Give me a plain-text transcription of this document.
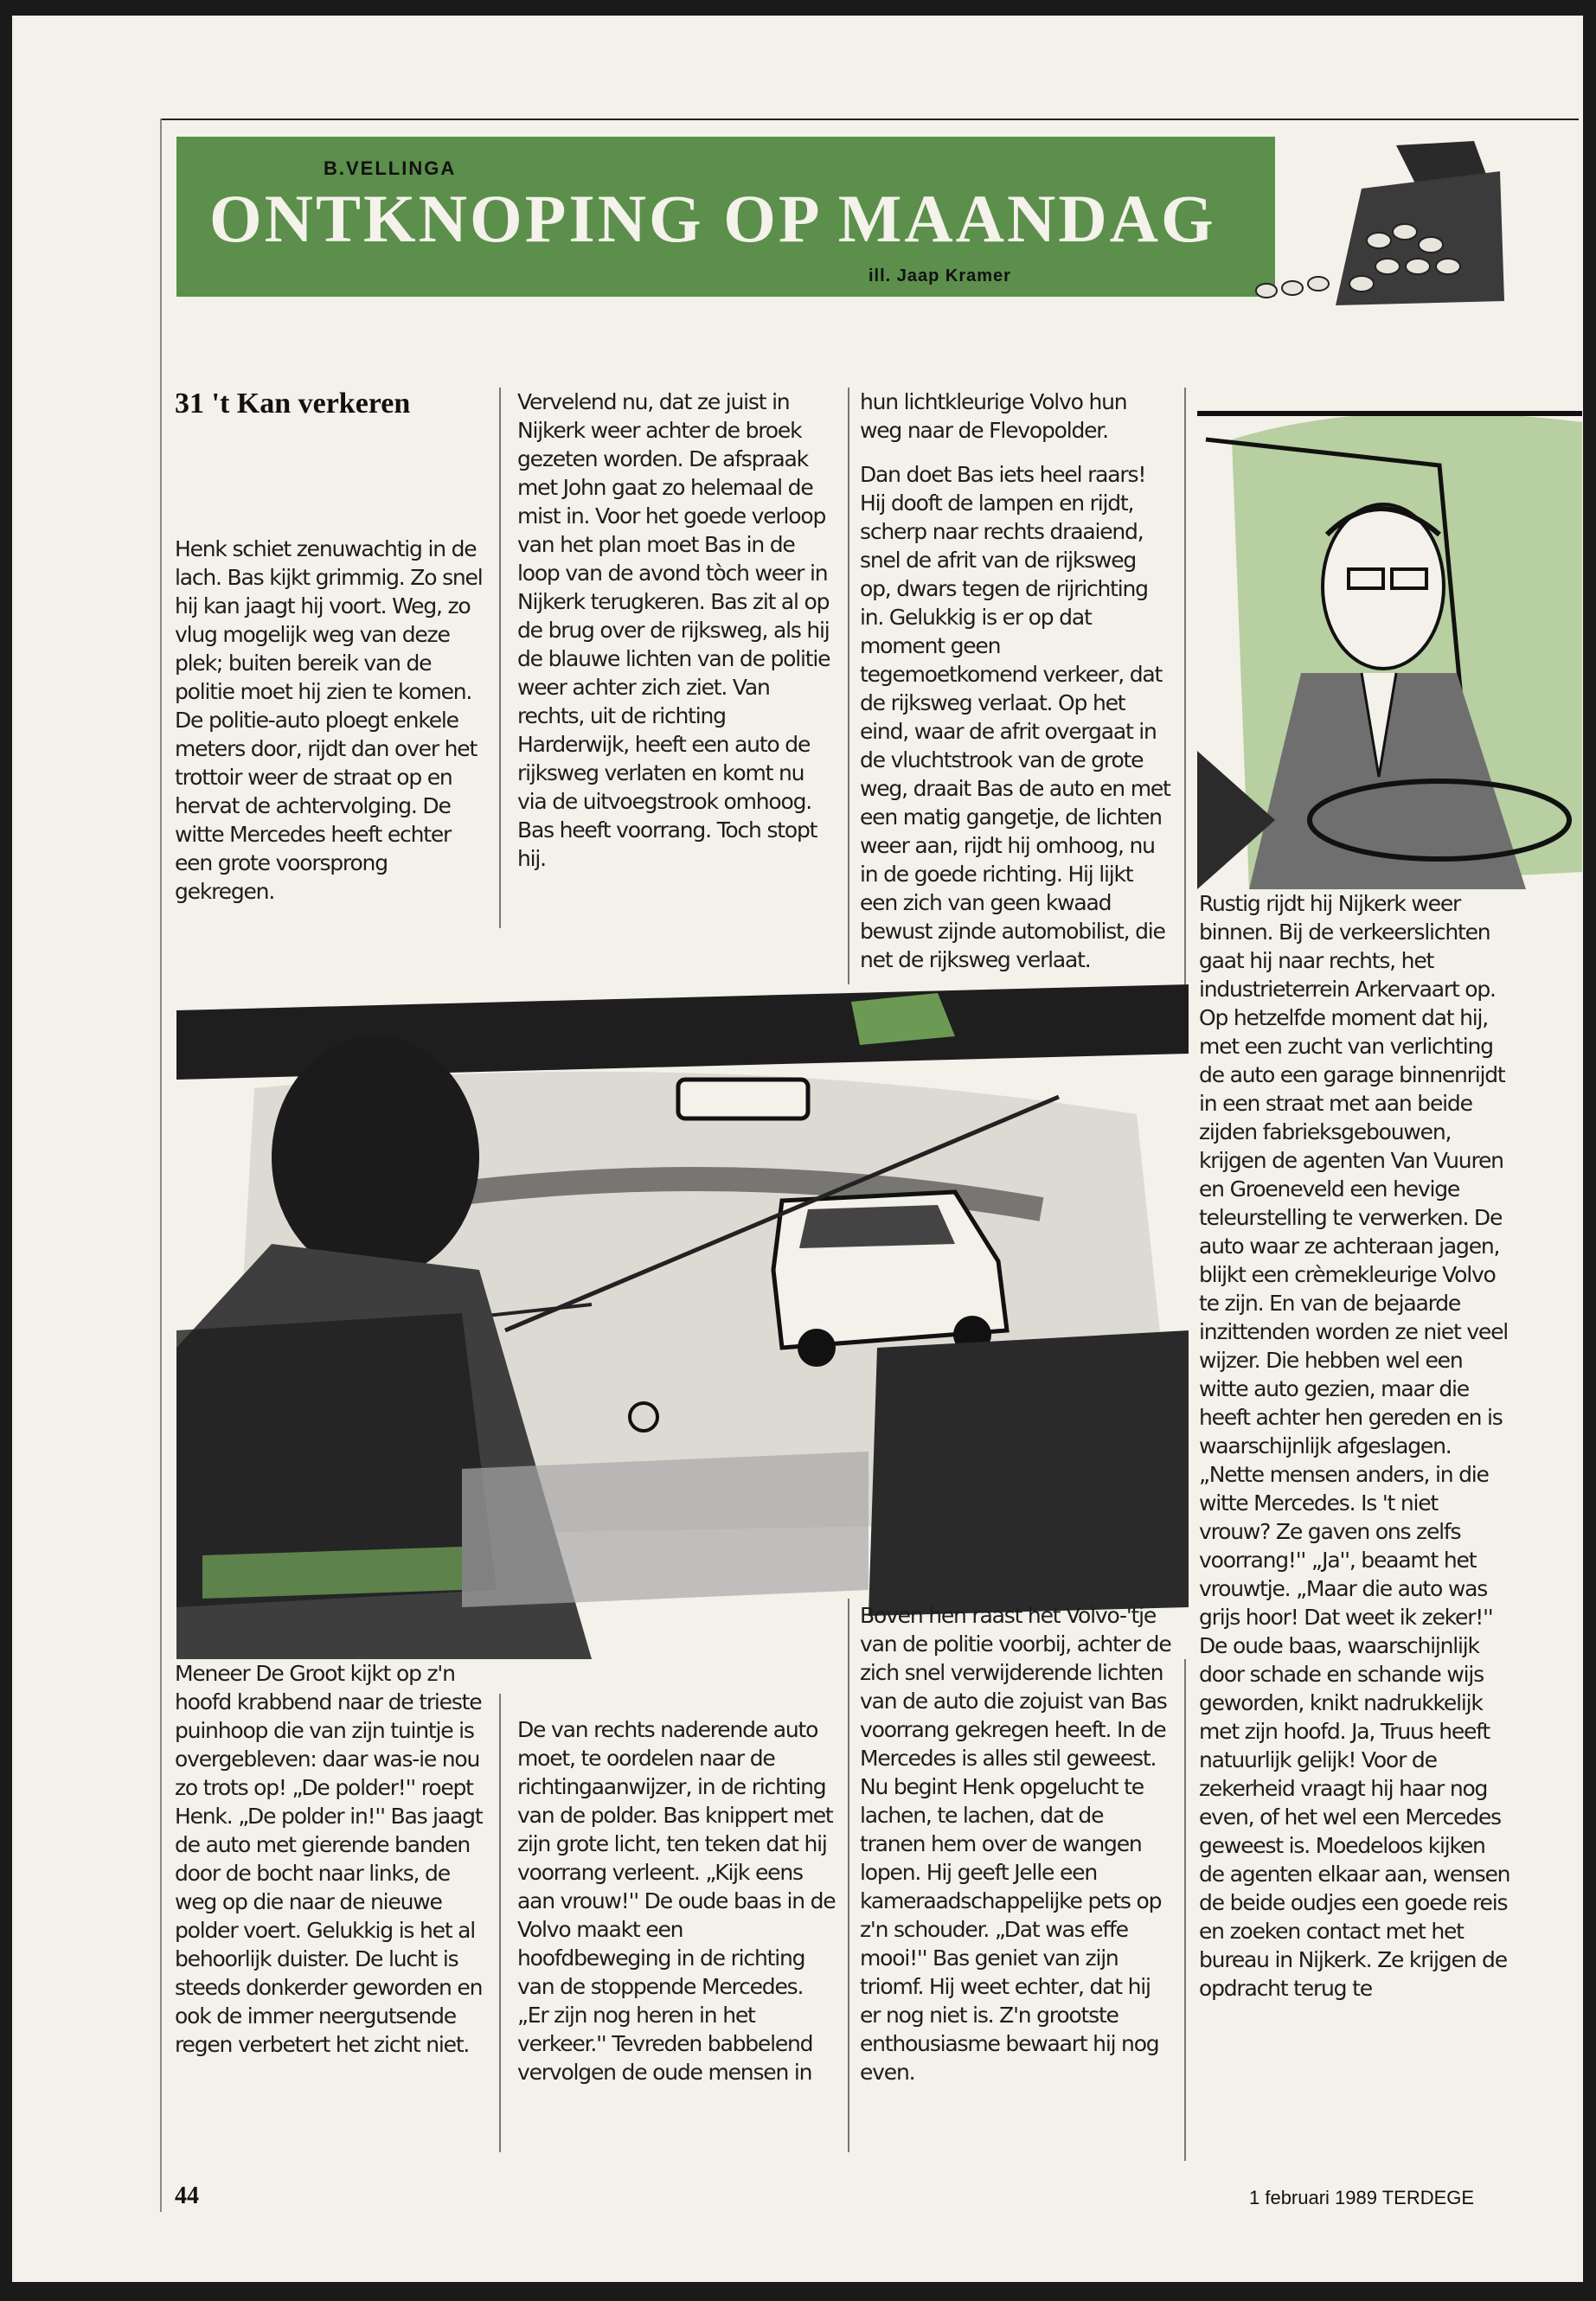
B.VELLINGA
ONTKNOPING OP MAANDAG
ill. Jaap Kramer
31 't Kan verkeren

Henk schiet zenuwachtig in de lach. Bas kijkt grimmig. Zo snel hij kan jaagt hij voort. Weg, zo vlug mogelijk weg van deze plek; buiten bereik van de politie moet hij zien te komen. De politie-auto ploegt enkele meters door, rijdt dan over het trottoir weer de straat op en hervat de achtervolging. De witte Mercedes heeft echter een grote voorsprong gekregen.

Vervelend nu, dat ze juist in Nijkerk weer achter de broek gezeten worden. De afspraak met John gaat zo helemaal de mist in. Voor het goede verloop van het plan moet Bas in de loop van de avond tòch weer in Nijkerk terugkeren. Bas zit al op de brug over de rijksweg, als hij de blauwe lichten van de politie weer achter zich ziet. Van rechts, uit de richting Harderwijk, heeft een auto de rijksweg verlaten en komt nu via de uitvoegstrook omhoog. Bas heeft voorrang. Toch stopt hij.

hun lichtkleurige Volvo hun weg naar de Flevopolder.

Dan doet Bas iets heel raars! Hij dooft de lampen en rijdt, scherp naar rechts draaiend, snel de afrit van de rijksweg op, dwars tegen de rijrichting in. Gelukkig is er op dat moment geen tegemoetkomend verkeer, dat de rijksweg verlaat. Op het eind, waar de afrit overgaat in de vluchtstrook van de grote weg, draait Bas de auto en met een matig gangetje, de lichten weer aan, rijdt hij omhoog, nu in de goede richting. Hij lijkt een zich van geen kwaad bewust zijnde automobilist, die net de rijksweg verlaat.

Meneer De Groot kijkt op z'n hoofd krabbend naar de trieste puinhoop die van zijn tuintje is overgebleven: daar was-ie nou zo trots op! „De polder!'' roept Henk. „De polder in!'' Bas jaagt de auto met gierende banden door de bocht naar links, de weg op die naar de nieuwe polder voert. Gelukkig is het al behoorlijk duister. De lucht is steeds donkerder geworden en ook de immer neergutsende regen verbetert het zicht niet.

De van rechts naderende auto moet, te oordelen naar de richtingaanwijzer, in de richting van de polder. Bas knippert met zijn grote licht, ten teken dat hij voorrang verleent. „Kijk eens aan vrouw!'' De oude baas in de Volvo maakt een hoofdbeweging in de richting van de stoppende Mercedes. „Er zijn nog heren in het verkeer.'' Tevreden babbelend vervolgen de oude mensen in

Boven hen raast het Volvo-'tje van de politie voorbij, achter de zich snel verwijderende lichten van de auto die zojuist van Bas voorrang gekregen heeft. In de Mercedes is alles stil geweest. Nu begint Henk opgelucht te lachen, te lachen, dat de tranen hem over de wangen lopen. Hij geeft Jelle een kameraadschappelijke pets op z'n schouder. „Dat was effe mooi!'' Bas geniet van zijn triomf. Hij weet echter, dat hij er nog niet is. Z'n grootste enthousiasme bewaart hij nog even.

Rustig rijdt hij Nijkerk weer binnen. Bij de verkeerslichten gaat hij naar rechts, het industrieterrein Arkervaart op. Op hetzelfde moment dat hij, met een zucht van verlichting de auto een garage binnenrijdt in een straat met aan beide zijden fabrieksgebouwen, krijgen de agenten Van Vuuren en Groeneveld een hevige teleurstelling te verwerken. De auto waar ze achteraan jagen, blijkt een crèmekleurige Volvo te zijn. En van de bejaarde inzittenden worden ze niet veel wijzer. Die hebben wel een witte auto gezien, maar die heeft achter hen gereden en is waarschijnlijk afgeslagen. „Nette mensen anders, in die witte Mercedes. Is 't niet vrouw? Ze gaven ons zelfs voorrang!'' „Ja'', beaamt het vrouwtje. „Maar die auto was grijs hoor! Dat weet ik zeker!'' De oude baas, waarschijnlijk door schade en schande wijs geworden, knikt nadrukkelijk met zijn hoofd. Ja, Truus heeft natuurlijk gelijk! Voor de zekerheid vraagt hij haar nog even, of het wel een Mercedes geweest is. Moedeloos kijken de agenten elkaar aan, wensen de beide oudjes een goede reis en zoeken contact met het bureau in Nijkerk. Ze krijgen de opdracht terug te

44	1 februari 1989 TERDEGE
